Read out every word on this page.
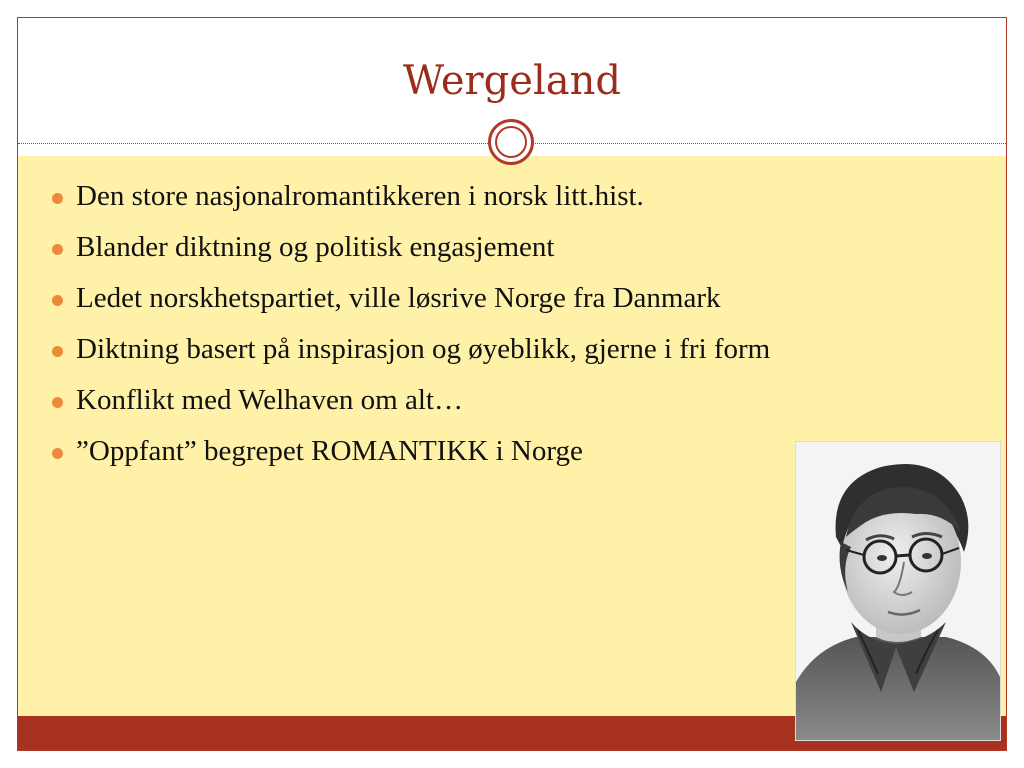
Wergeland
Den store nasjonalromantikkeren i norsk litt.hist.
Blander diktning og politisk engasjement
Ledet norskhetspartiet, ville løsrive Norge fra Danmark
Diktning basert på inspirasjon og øyeblikk, gjerne i fri form
Konflikt med Welhaven om alt…
”Oppfant” begrepet ROMANTIKK i Norge
